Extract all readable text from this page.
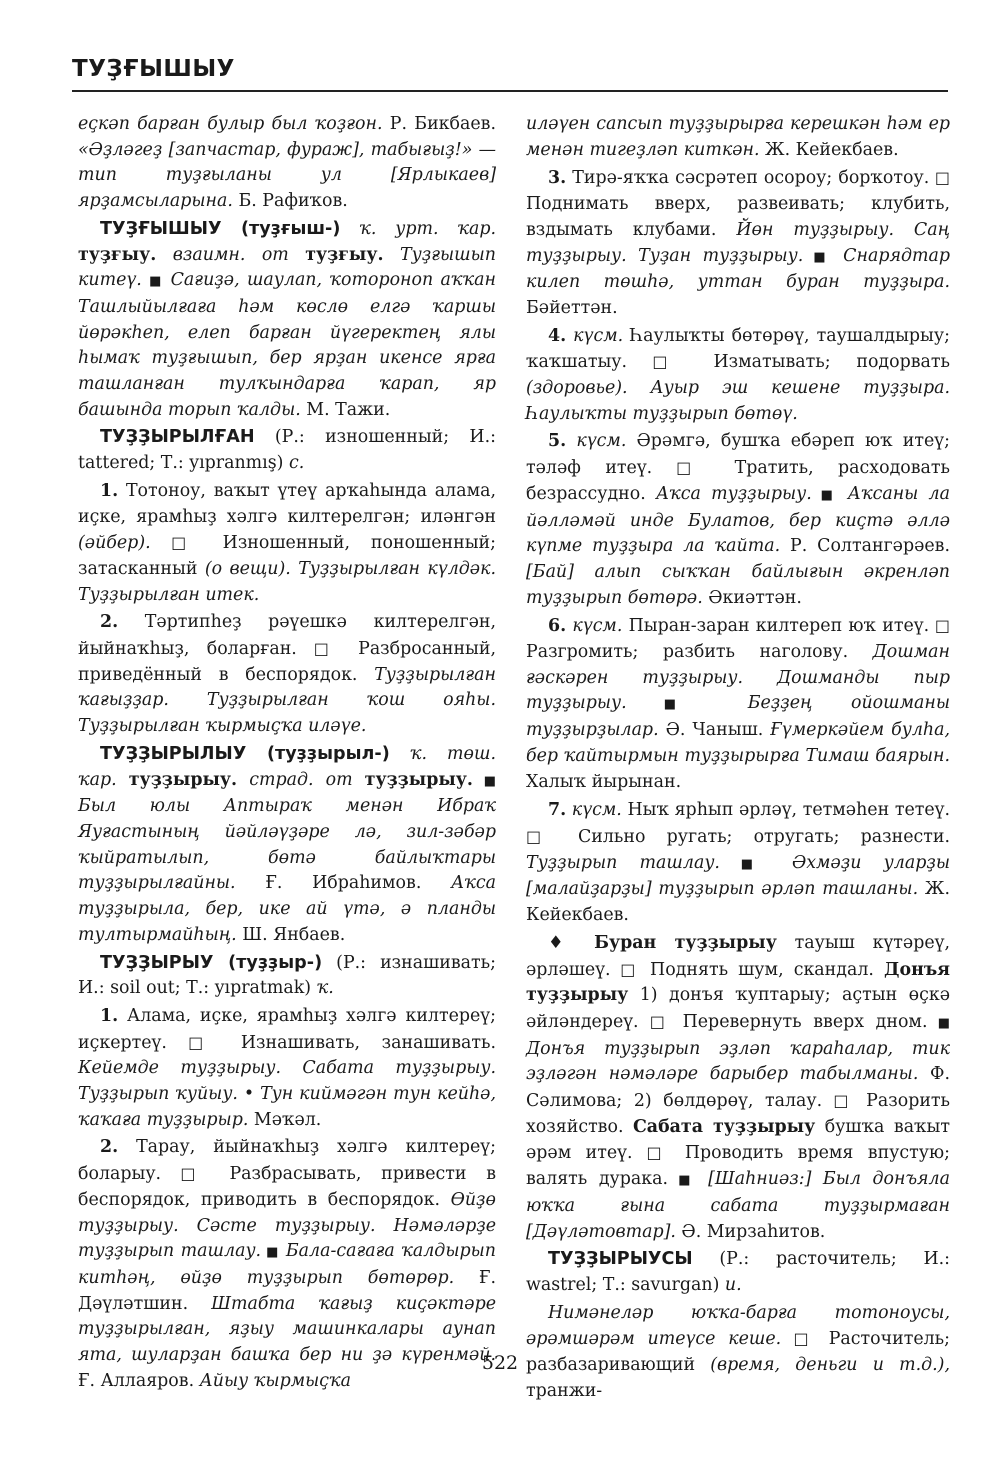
ТУҘҒЫШЫУ

еҫкәп барған булыр был ҡоҙғон. Р. Бикбаев. «Әҙләгеҙ [запчастар, фураж], табығыҙ!» — тип туҙғыланы ул [Ярлыкаев] ярҙамсыларына. Б. Рафиҡов.

ТУҘҒЫШЫУ (туҙғыш-) ҡ. урт. ҡар. туҙғыу. взаимн. от туҙғыу. Туҙғышып китеү. ■ Сағиҙә, шаулап, ҡотороноп аҡҡан Ташлыйылғаға һәм көслө елгә ҡаршы йөрәкһеп, елеп барған йүгеректең ялы һымаҡ туҙғышып, бер ярҙан икенсе ярға ташланған тулҡындарға ҡарап, яр башында торып ҡалды. М. Тажи.

ТУҘҘЫРЫЛҒАН (Р.: изношенный; И.: tattered; Т.: yıpranmış) с.

1. Тотоноу, ваҡыт үтеү арҡаһында алама, иҫке, ярамһыҙ хәлгә килтерелгән; иләнгән (әйбер). □ Изношенный, поношенный; затасканный (о вещи). Туҙҙырылған күлдәк. Туҙҙырылған итек.

2. Тәртипһеҙ рәүешкә килтерелгән, йыйнаҡһыҙ, боларған. □ Разбросанный, приведённый в беспорядок. Туҙҙырылған ҡағыҙҙар. Туҙҙырылған ҡош ояһы. Туҙҙырылған ҡырмыҫҡа иләүе.

ТУҘҘЫРЫЛЫУ (туҙҙырыл-) ҡ. төш. ҡар. туҙҙырыу. страд. от туҙҙырыу. ■ Был юлы Аптыраҡ менән Ибраҡ Яуғастының йәйләүҙәре лә, зил-зәбәр ҡыйратылып, бөтә байлыҡтары туҙҙырылғайны. Ғ. Ибраһимов. Аҡса туҙҙырыла, бер, ике ай үтә, ә планды тултырмайһың. Ш. Янбаев.

ТУҘҘЫРЫУ (туҙҙыр-) (Р.: изнашивать; И.: soil out; Т.: yıpratmak) ҡ.

1. Алама, иҫке, ярамһыҙ хәлгә килтереү; иҫкертеү. □ Изнашивать, занашивать. Кейемде туҙҙырыу. Сабата туҙҙырыу. Туҙҙырып ҡуйыу. • Тун киймәгән тун кейһә, ҡаҡаға туҙҙырыр. Мәҡәл.

2. Тарау, йыйнаҡһыҙ хәлгә килтереү; боларыу. □ Разбрасывать, привести в беспорядок, приводить в беспорядок. Өйҙө туҙҙырыу. Сәсте туҙҙырыу. Нәмәләрҙе туҙҙырып ташлау. ■ Бала-сағаға ҡалдырып китһәң, өйҙө туҙҙырып бөтөрөр. Ғ. Дәүләтшин. Штабта ҡағыҙ киҫәктәре туҙҙырылған, яҙыу машинкалары аунап ята, шуларҙан башҡа бер ни ҙә күренмәй. Ғ. Аллаяров. Айыу ҡырмыҫҡа

иләүен сапсып туҙҙырырға керешкән һәм ер менән тигеҙләп киткән. Ж. Кейекбаев.

3. Тирә-яҡҡа сәсрәтеп осороу; борҡотоу. □ Поднимать вверх, развеивать; клубить, вздымать клубами. Йөн туҙҙырыу. Саң туҙҙырыу. Туҙан туҙҙырыу. ■ Снарядтар килеп төшһә, уттан буран туҙҙыра. Бәйеттән.

4. күсм. Һаулыҡты бөтөрөү, таушалдырыу; ҡаҡшатыу. □ Изматывать; подорвать (здоровье). Ауыр эш кешене туҙҙыра. Һаулыҡты туҙҙырып бөтөү.

5. күсм. Әрәмгә, бушҡа ебәреп юҡ итеү; тәләф итеү. □ Тратить, расходовать безрассудно. Аҡса туҙҙырыу. ■ Аҡсаны ла йәлләмәй инде Булатов, бер киҫтә әллә күпме туҙҙыра ла ҡайта. Р. Солтангәрәев. [Бай] алып сыҡҡан байлығын әкренләп туҙҙырып бөтөрә. Әкиәттән.

6. күсм. Пыран-заран килтереп юҡ итеү. □ Разгромить; разбить наголову. Дошман ғәскәрен туҙҙырыу. Дошманды пыр туҙҙырыу. ■ Беҙҙең ойошманы туҙҙырҙылар. Ә. Чаныш. Ғүмеркәйем булһа, бер ҡайтырмын туҙҙырырға Тимаш баярын. Халыҡ йырынан.

7. күсм. Ныҡ ярһып әрләү, тетмәһен тетеү. □ Сильно ругать; отругать; разнести. Туҙҙырып ташлау. ■ Әхмәҙи уларҙы [малайҙарҙы] туҙҙырып әрләп ташланы. Ж. Кейекбаев.

♦ Буран туҙҙырыу тауыш күтәреү, әрләшеү. □ Поднять шум, скандал. Донъя туҙҙырыу 1) донъя ҡуптарыу; аҫтын өҫкә әйләндереү. □ Перевернуть вверх дном. ■ Донъя туҙҙырып эҙләп ҡараһалар, тик эҙләгән нәмәләре барыбер табылманы. Ф. Сәлимова; 2) бөлдөрөү, талау. □ Разорить хозяйство. Сабата туҙҙырыу бушҡа ваҡыт әрәм итеү. □ Проводить время впустую; валять дурака. ■ [Шаһниәз:] Был донъяла юҡҡа ғына сабата туҙҙырмаған [Дәүләтовтар]. Ә. Мирзаһитов.

ТУҘҘЫРЫУСЫ (Р.: расточитель; И.: wastrel; Т.: savurgan) и.

Нимәнеләр юҡҡа-барға тотоноусы, әрәмшәрәм итеүсе кеше. □ Расточитель; разбазаривающий (время, деньги и т.д.), транжи-

522
